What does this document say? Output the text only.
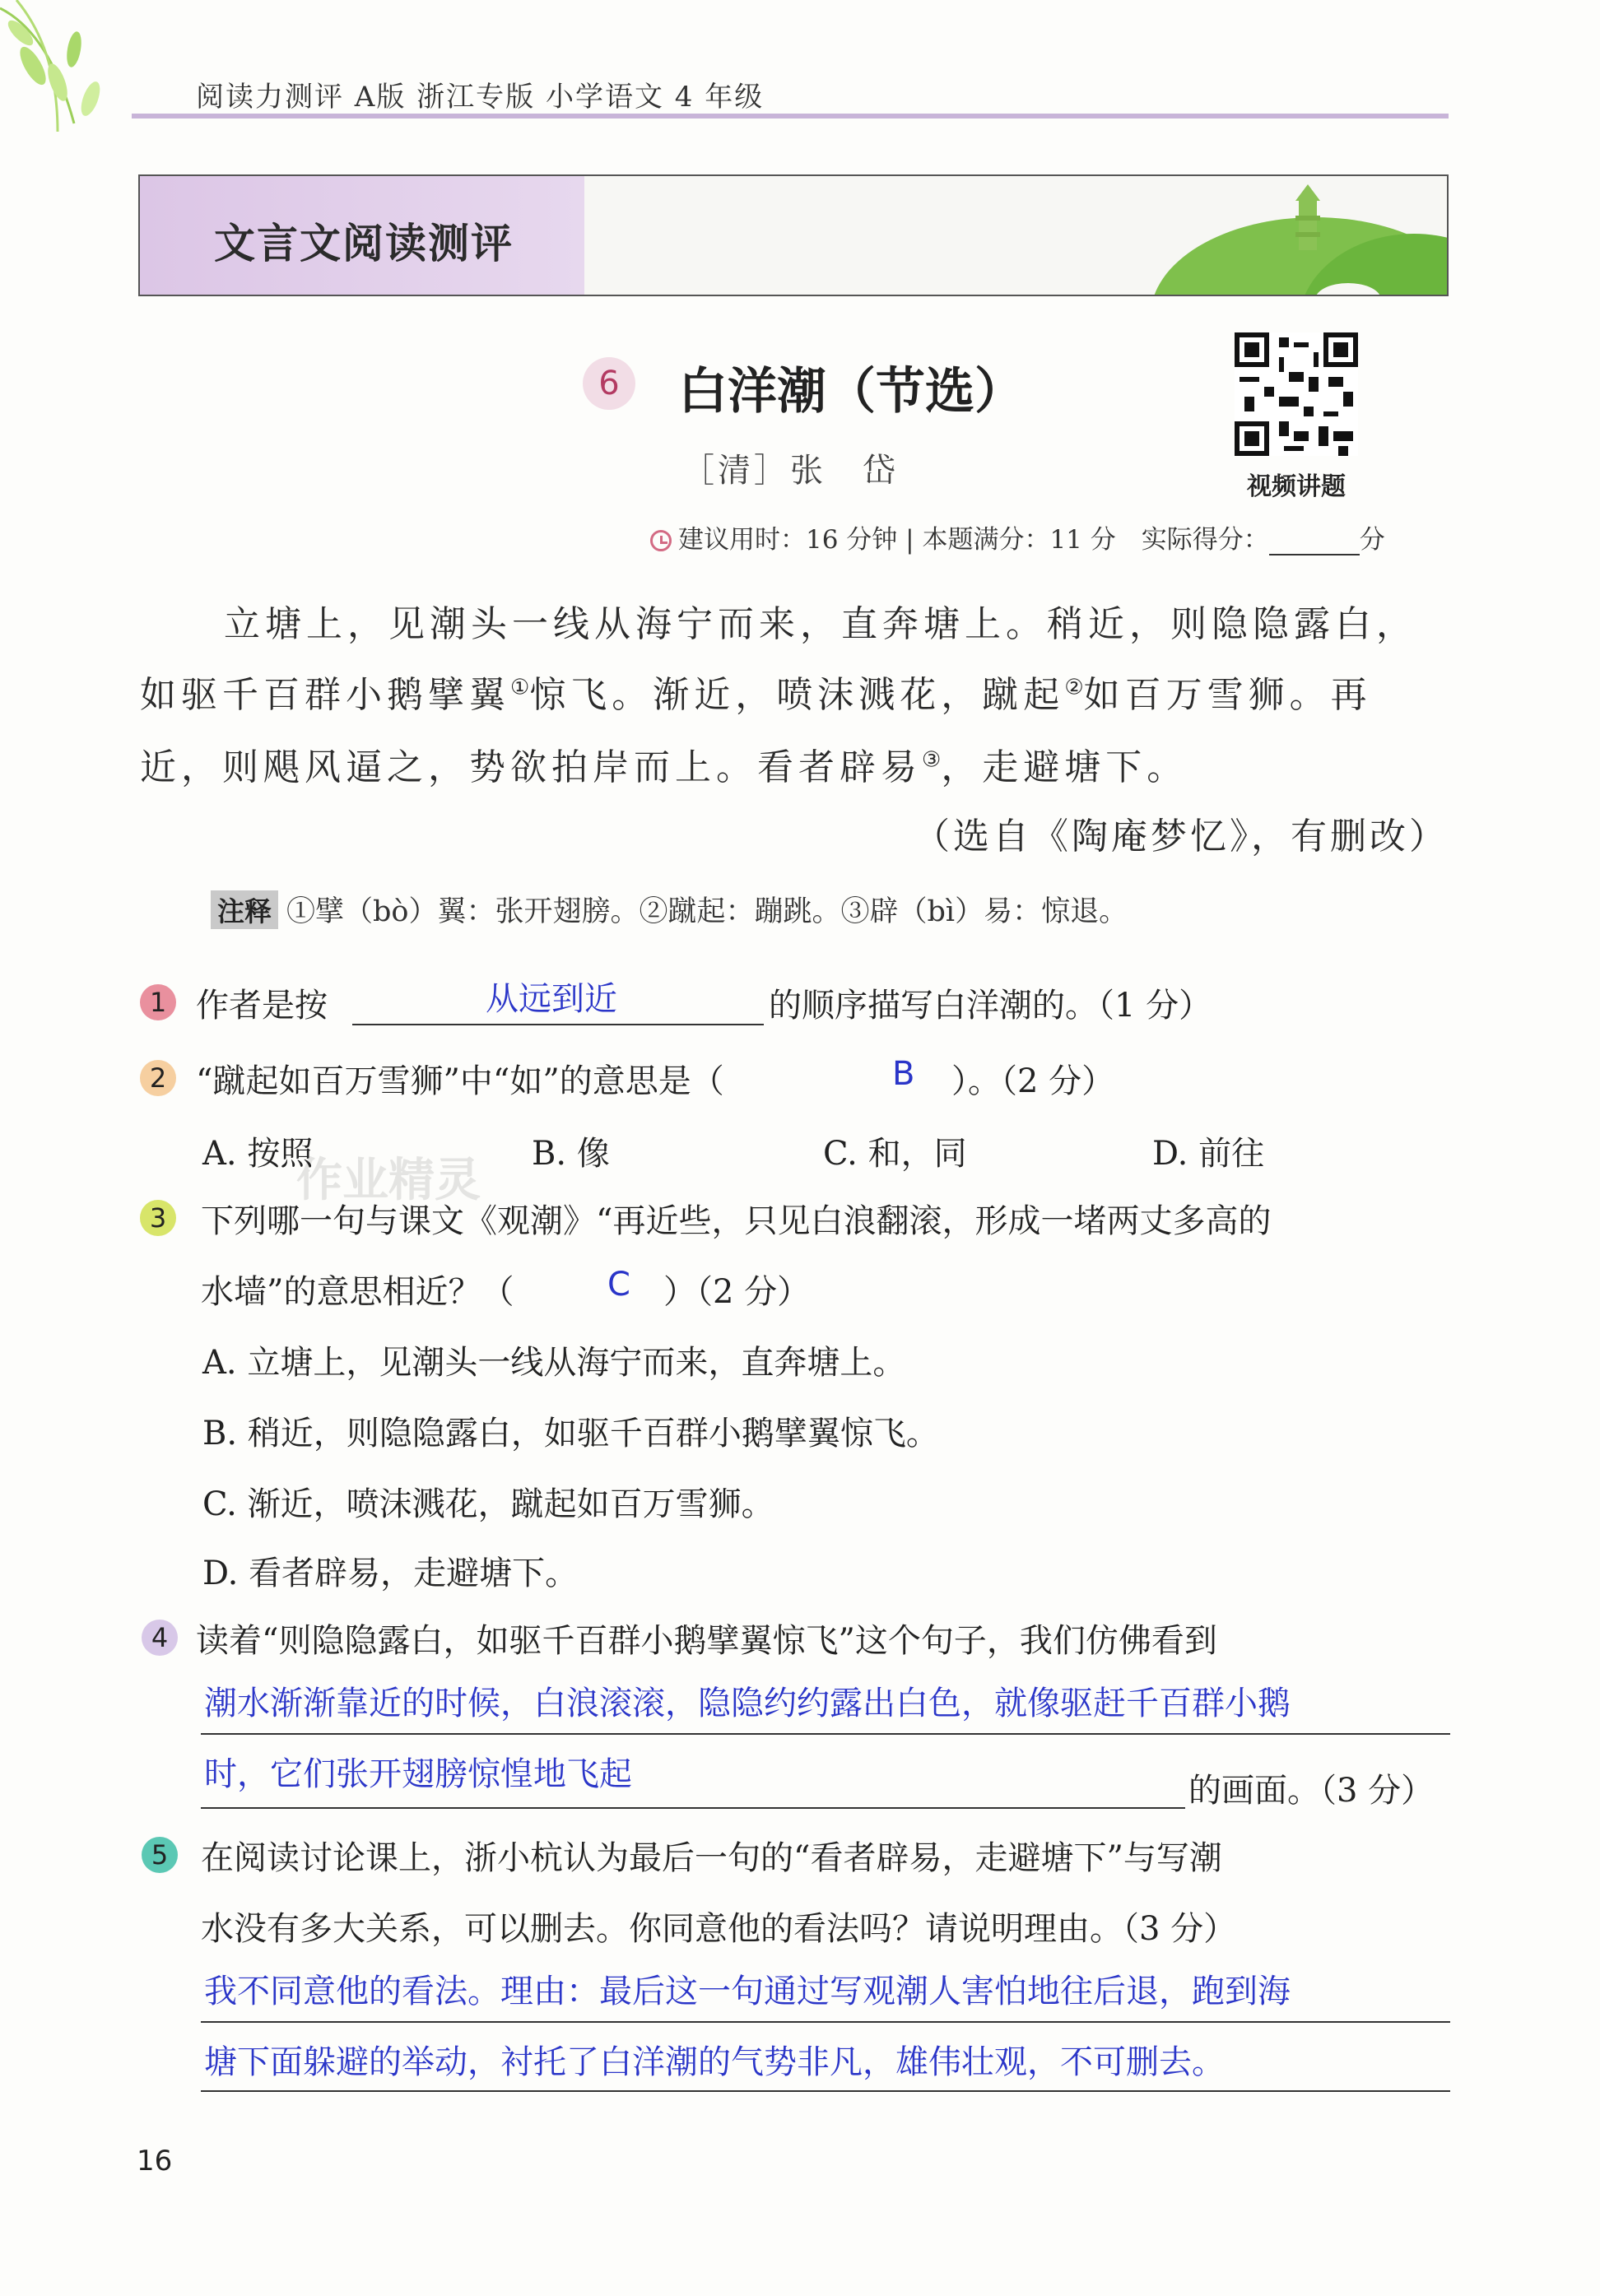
阅读力测评 A版 浙江专版 小学语文 4 年级
文言文阅读测评
6	白洋潮（节选）
［清］张　岱	视频讲题
建议用时：16 分钟 | 本题满分：11 分　实际得分：	分
立塘上，见潮头一线从海宁而来，直奔塘上。稍近，则隐隐露白，
如驱千百群小鹅擘翼①惊飞。渐近，喷沫溅花，蹴起②如百万雪狮。再
近，则飓风逼之，势欲拍岸而上。看者辟易③，走避塘下。
（选自《陶庵梦忆》，有删改）
注释 ①擘（bò）翼：张开翅膀。②蹴起：蹦跳。③辟（bì）易：惊退。
作业精灵
1 作者是按	从远到近	的顺序描写白洋潮的。（1 分）
2 “蹴起如百万雪狮”中“如”的意思是（	B ）。（2 分）
A. 按照	B. 像	C. 和，同	D. 前往
3 下列哪一句与课文《观潮》“再近些，只见白浪翻滚，形成一堵两丈多高的
水墙”的意思相近？（	C ）（2 分）
A. 立塘上，见潮头一线从海宁而来，直奔塘上。
B. 稍近，则隐隐露白，如驱千百群小鹅擘翼惊飞。
C. 渐近，喷沫溅花，蹴起如百万雪狮。
D. 看者辟易，走避塘下。
4 读着“则隐隐露白，如驱千百群小鹅擘翼惊飞”这个句子，我们仿佛看到
潮水渐渐靠近的时候，白浪滚滚，隐隐约约露出白色，就像驱赶千百群小鹅
时，它们张开翅膀惊惶地飞起	的画面。（3 分）
5 在阅读讨论课上，浙小杭认为最后一句的“看者辟易，走避塘下”与写潮
水没有多大关系，可以删去。你同意他的看法吗？请说明理由。（3 分）
我不同意他的看法。理由：最后这一句通过写观潮人害怕地往后退，跑到海
塘下面躲避的举动，衬托了白洋潮的气势非凡，雄伟壮观，不可删去。
16
